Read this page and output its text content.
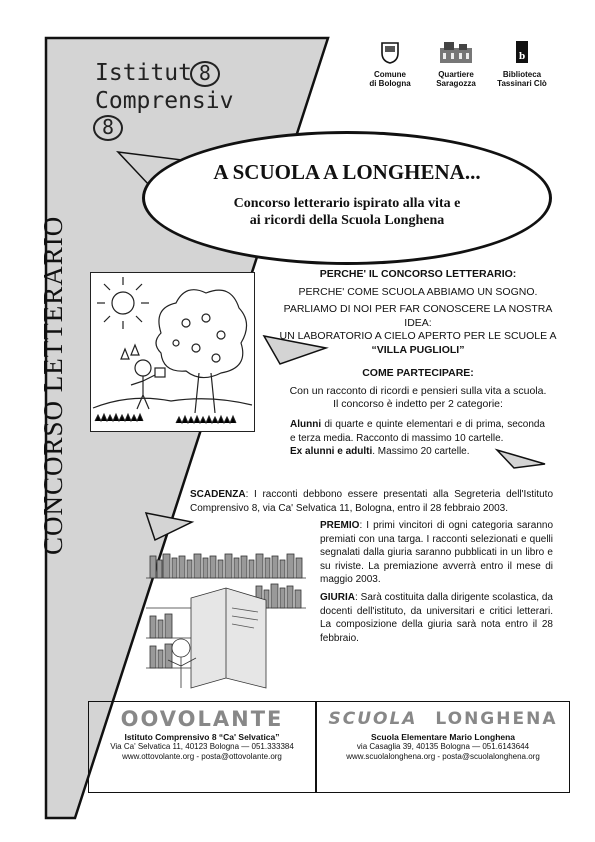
CONCORSO LETTERARIO
Istitut 8
Comprensiv8
Comune
di Bologna
Quartiere
Saragozza
b
Biblioteca
Tassinari Clò
A SCUOLA A LONGHENA...

Concorso letterario ispirato alla vita e

ai ricordi della Scuola Longhena

PERCHE' IL CONCORSO LETTERARIO:
PERCHE' COME SCUOLA ABBIAMO UN SOGNO.
PARLIAMO DI NOI PER FAR CONOSCERE LA NOSTRA IDEA:
UN LABORATORIO A CIELO APERTO PER LE SCUOLE A
“VILLA PUGLIOLI”
COME PARTECIPARE:
Con un racconto di ricordi e pensieri sulla vita a scuola.
Il concorso è indetto per 2 categorie:
Alunni di quarte e quinte elementari e di prima, seconda e terza media. Racconto di massimo 10 cartelle.
Ex alunni e adulti. Massimo 20 cartelle.
SCADENZA: I racconti debbono essere presentati alla Segreteria dell'Istituto Comprensivo 8, via Ca' Selvatica 11, Bologna, entro il 28 febbraio 2003.
PREMIO: I primi vincitori di ogni categoria saranno premiati con una targa. I racconti selezionati e quelli segnalati dalla giuria saranno pubblicati in un libro e su riviste. La premiazione avverrà entro il mese di maggio 2003.
GIURIA: Sarà costituita dalla dirigente scolastica, da docenti dell'istituto, da universitari e critici letterari. La composizione della giuria sarà nota entro il 28 febbraio.
OOVOLANTE
Istituto Comprensivo 8 “Ca' Selvatica”
Via Ca' Selvatica 11, 40123 Bologna — 051.333384
www.ottovolante.org - posta@ottovolante.org
SCUOLA LONGHENA
Scuola Elementare Mario Longhena
via Casaglia 39, 40135 Bologna — 051.6143644
www.scuolalonghena.org - posta@scuolalonghena.org
